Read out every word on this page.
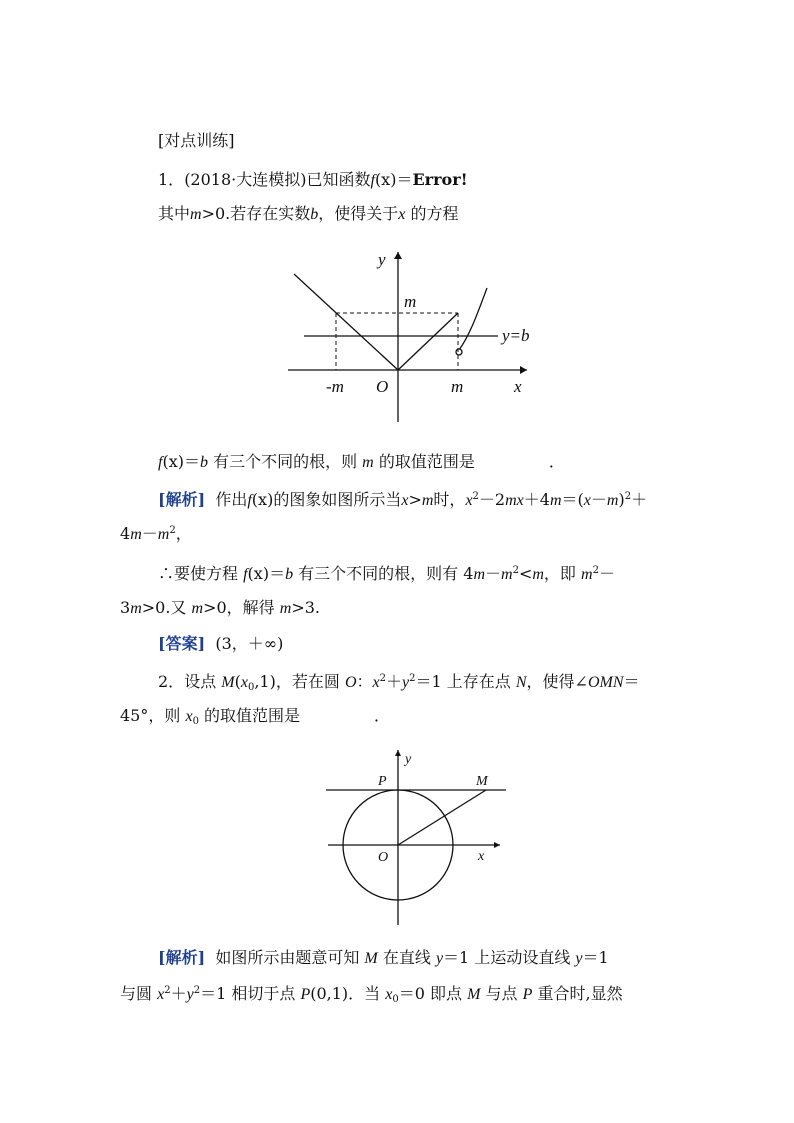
[对点训练]
1．(2018·大连模拟)已知函数f(x)＝Error!
其中m>0.若存在实数b，使得关于x 的方程
y
m
y=b
-m O	m	x
f(x)＝b 有三个不同的根，则 m 的取值范围是	．
[解析] 作出f(x)的图象如图所示当x>m时，$x^2-2mx+4m=(x-m)^2+$
$4m-m^2$，
∴要使方程 f(x)＝b 有三个不同的根，则有 $4m-m^2<m$，即 $m^2-$
3m>0.又 m>0，解得 m>3.
[答案] (3，＋∞)
2．设点 $M(x_0,1)$，若在圆 O：$x^2+y^2=1$ 上存在点 N，使得∠OMN＝
45°，则 $x_0$ 的取值范围是	．
y
P	M
O	x
[解析] 如图所示由题意可知 M 在直线 y＝1 上运动设直线 y＝1
与圆 $x^2+y^2=1$ 相切于点 P(0,1)．当 $x_0=0$ 即点 M 与点 P 重合时,显然
